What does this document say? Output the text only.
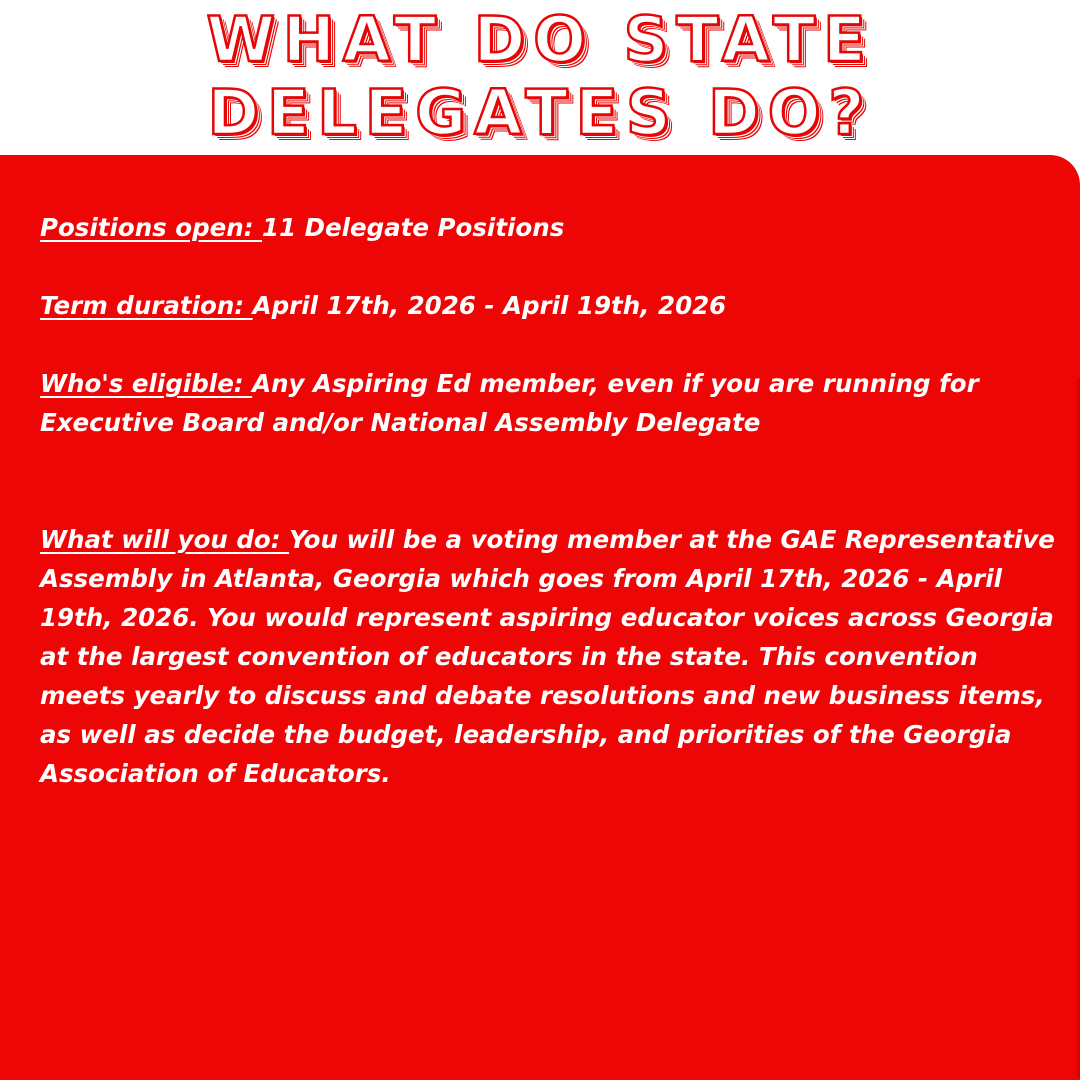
WHAT DO STATE
DELEGATES DO?

Positions open: 11 Delegate Positions

Term duration: April 17th, 2026 - April 19th, 2026

Who's eligible: Any Aspiring Ed member, even if you are running for Executive Board and/or National Assembly Delegate

What will you do: You will be a voting member at the GAE Representative Assembly in Atlanta, Georgia which goes from April 17th, 2026 - April 19th, 2026. You would represent aspiring educator voices across Georgia at the largest convention of educators in the state. This convention meets yearly to discuss and debate resolutions and new business items, as well as decide the budget, leadership, and priorities of the Georgia Association of Educators.
